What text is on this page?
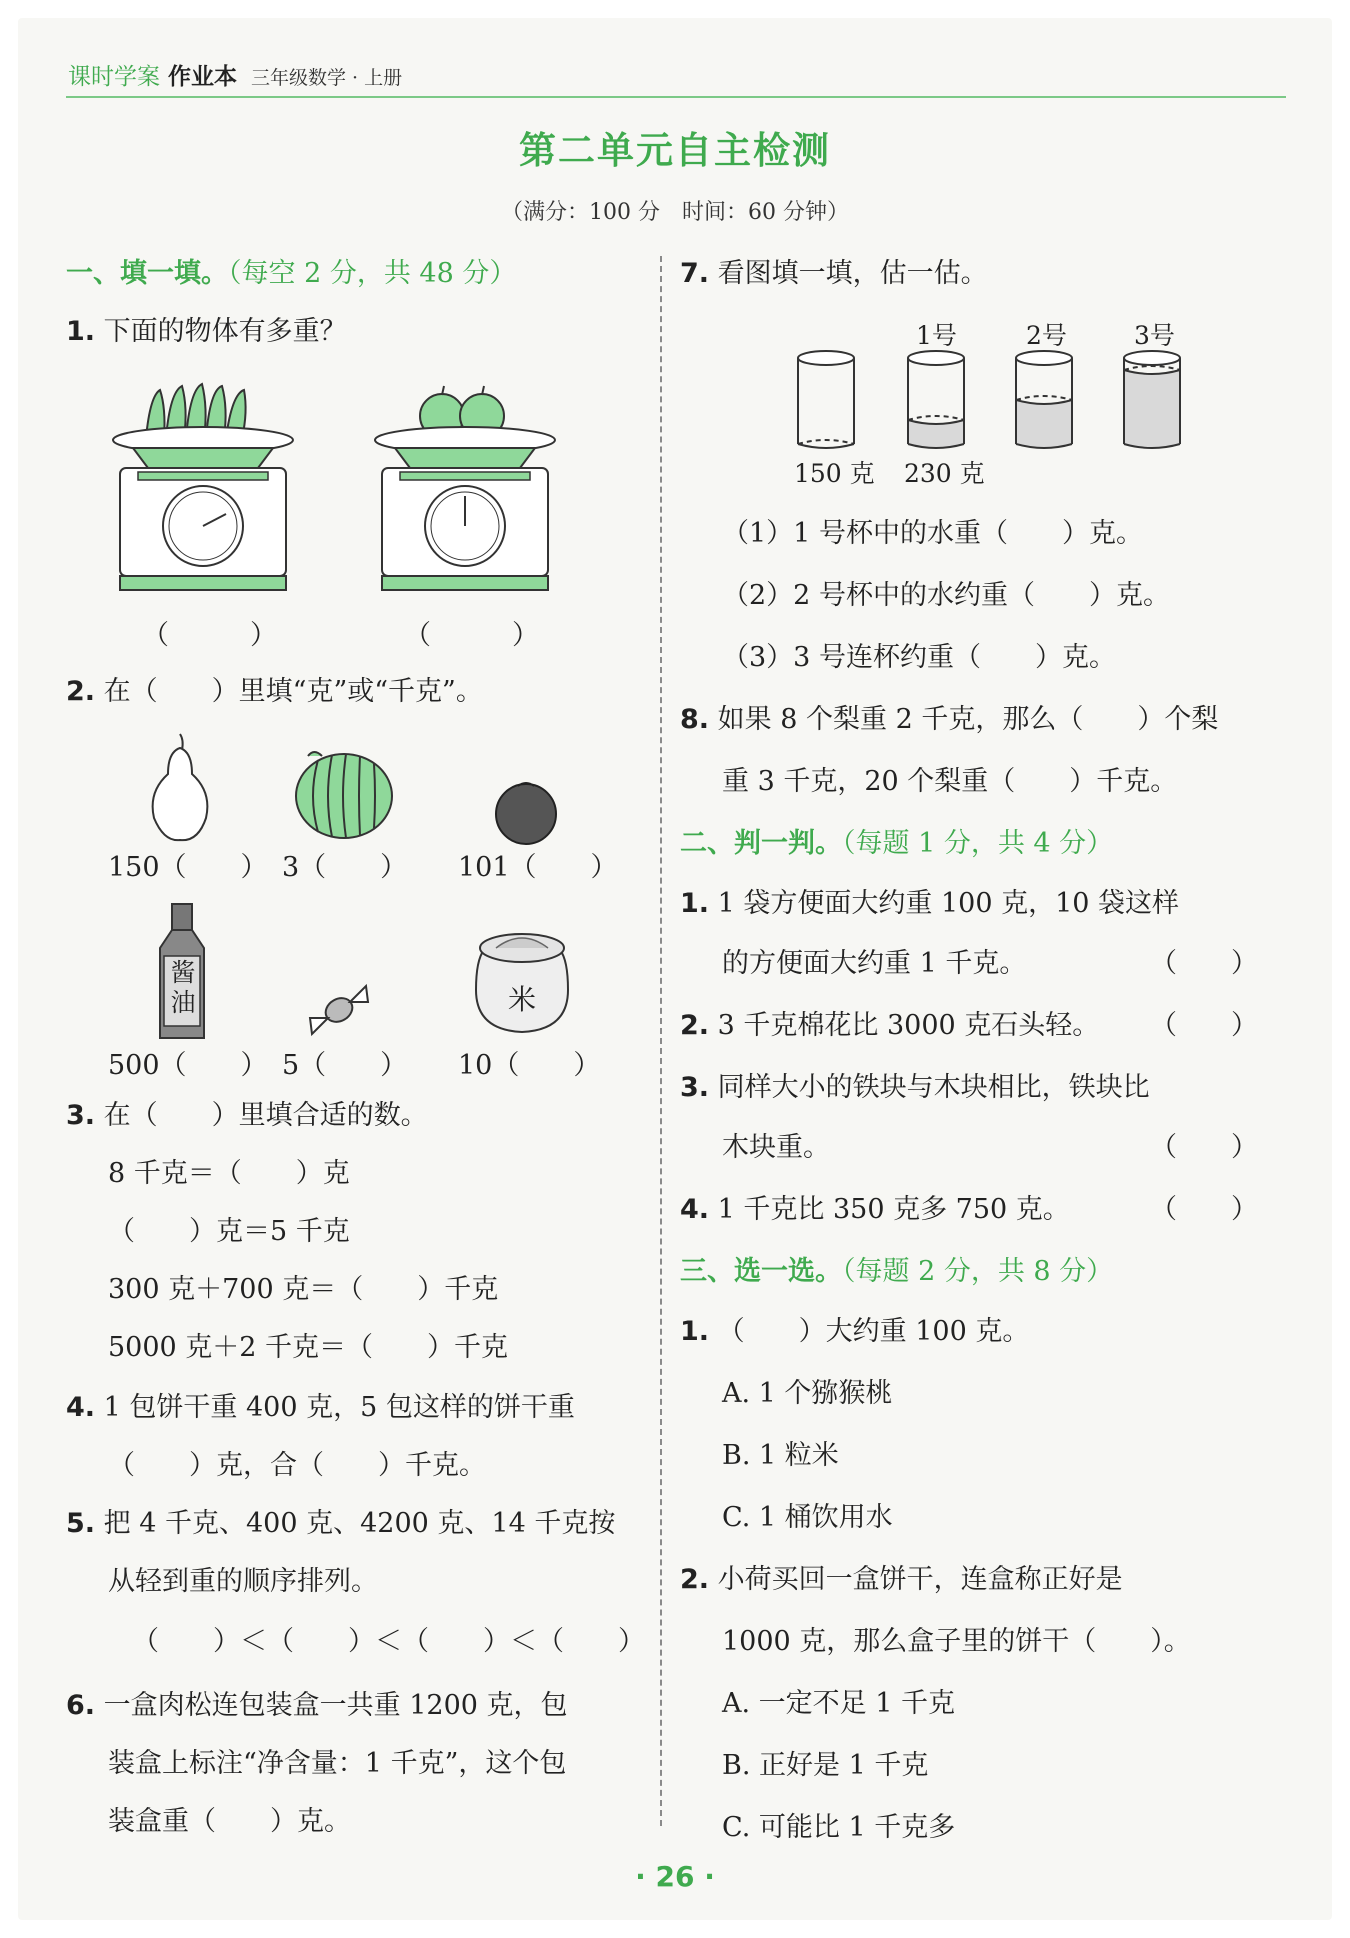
课时学案 作业本 三年级数学 · 上册
第二单元自主检测
（满分：100 分　时间：60 分钟）
一、填一填。（每空 2 分，共 48 分）
1. 下面的物体有多重？
（　　　）	（　　　）
2. 在（　　）里填“克”或“千克”。
150（　　） 3（　　） 101（　　）
酱油	米
500（　　） 5（　　） 10（　　）
3. 在（　　）里填合适的数。
8 千克＝（　　）克
（　　）克＝5 千克
300 克＋700 克＝（　　）千克
5000 克＋2 千克＝（　　）千克
4. 1 包饼干重 400 克，5 包这样的饼干重
（　　）克，合（　　）千克。
5. 把 4 千克、400 克、4200 克、14 千克按
从轻到重的顺序排列。
（　　）＜（　　）＜（　　）＜（　　）
6. 一盒肉松连包装盒一共重 1200 克，包
装盒上标注“净含量：1 千克”，这个包
装盒重（　　）克。
7. 看图填一填，估一估。
1号	2号	3号
150 克 230 克
（1）1 号杯中的水重（　　）克。
（2）2 号杯中的水约重（　　）克。
（3）3 号连杯约重（　　）克。
8. 如果 8 个梨重 2 千克，那么（　　）个梨
重 3 千克，20 个梨重（　　）千克。
二、判一判。（每题 1 分，共 4 分）
1. 1 袋方便面大约重 100 克，10 袋这样
的方便面大约重 1 千克。	（　　）
2. 3 千克棉花比 3000 克石头轻。 （　　）
3. 同样大小的铁块与木块相比，铁块比
木块重。	（　　）
4. 1 千克比 350 克多 750 克。	（　　）
三、选一选。（每题 2 分，共 8 分）
1. （　　）大约重 100 克。
A. 1 个猕猴桃
B. 1 粒米
C. 1 桶饮用水
2. 小荷买回一盒饼干，连盒称正好是
1000 克，那么盒子里的饼干（　　）。
A. 一定不足 1 千克
B. 正好是 1 千克
C. 可能比 1 千克多
· 26 ·
